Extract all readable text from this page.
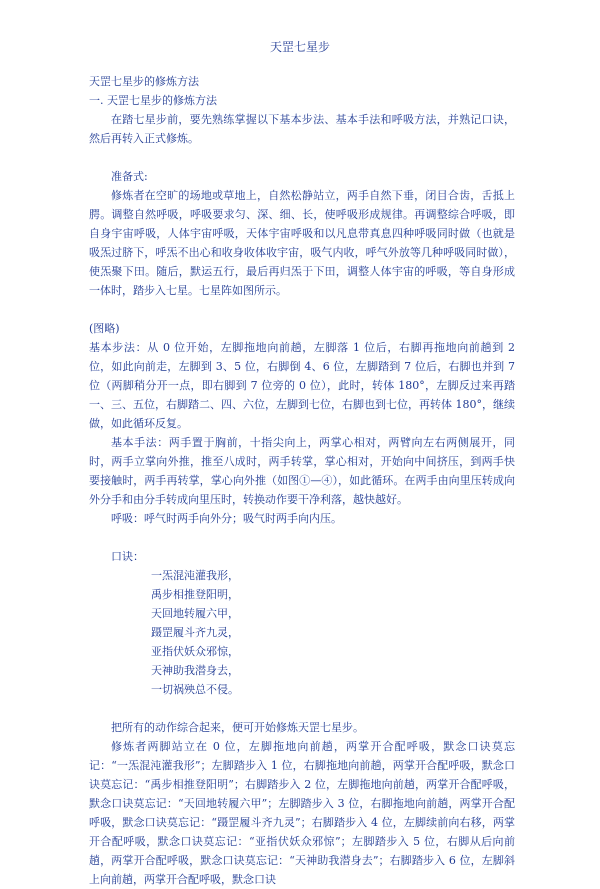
天罡七星步

天罡七星步的修炼方法

一. 天罡七星步的修炼方法

在踏七星步前，要先熟练掌握以下基本步法、基本手法和呼吸方法，并熟记口诀，然后再转入正式修炼。

准备式:

修炼者在空旷的场地或草地上，自然松静站立，两手自然下垂，闭目合齿，舌抵上腭。调整自然呼吸，呼吸要求匀、深、细、长，使呼吸形成规律。再调整综合呼吸，即自身宇宙呼吸，人体宇宙呼吸，天体宇宙呼吸和以凡息带真息四种呼吸同时做（也就是吸炁过脐下，呼炁不出心和收身收体收宇宙，吸气内收，呼气外放等几种呼吸同时做），使炁聚下田。随后，默运五行，最后再归炁于下田，调整人体宇宙的呼吸，等自身形成一体时，踏步入七星。七星阵如图所示。

(图略)

基本步法：从 0 位开始，左脚拖地向前趟，左脚落 1 位后，右脚再拖地向前趟到 2 位，如此向前走，左脚到 3、5 位，右脚倒 4、6 位，左脚踏到 7 位后，右脚也并到 7 位（两脚稍分开一点，即右脚到 7 位旁的 0 位），此时，转体 180°，左脚反过来再踏一、三、五位，右脚踏二、四、六位，左脚到七位，右脚也到七位，再转体 180°，继续做，如此循环反复。

基本手法：两手置于胸前，十指尖向上，两掌心相对，两臂向左右两侧展开，同时，两手立掌向外推，推至八成时，两手转掌，掌心相对，开始向中间挤压，到两手快要接触时，两手再转掌，掌心向外推（如图①—④），如此循环。在两手由向里压转成向外分手和由分手转成向里压时，转换动作要干净利落，越快越好。

呼吸：呼气时两手向外分；吸气时两手向内压。

口诀：

一炁混沌灌我形，

禹步相推登阳明，

天回地转履六甲，

蹑罡履斗齐九灵，

亚指伏妖众邪惊，

天神助我潜身去，

一切祸殃总不侵。

把所有的动作综合起来，便可开始修炼天罡七星步。

修炼者两脚站立在 0 位，左脚拖地向前趟，两掌开合配呼吸，默念口诀莫忘记：“一炁混沌灌我形”；左脚踏步入 1 位，右脚拖地向前趟，两掌开合配呼吸，默念口诀莫忘记：“禹步相推登阳明”；右脚踏步入 2 位，左脚拖地向前趟，两掌开合配呼吸，默念口诀莫忘记：“天回地转履六甲”；左脚踏步入 3 位，右脚拖地向前趟，两掌开合配呼吸，默念口诀莫忘记：“蹑罡履斗齐九灵”；右脚踏步入 4 位，左脚续前向右移，两掌开合配呼吸，默念口诀莫忘记：“亚指伏妖众邪惊”；左脚踏步入 5 位，右脚从后向前趟，两掌开合配呼吸，默念口诀莫忘记：“天神助我潜身去”；右脚踏步入 6 位，左脚斜上向前趟，两掌开合配呼吸，默念口诀
